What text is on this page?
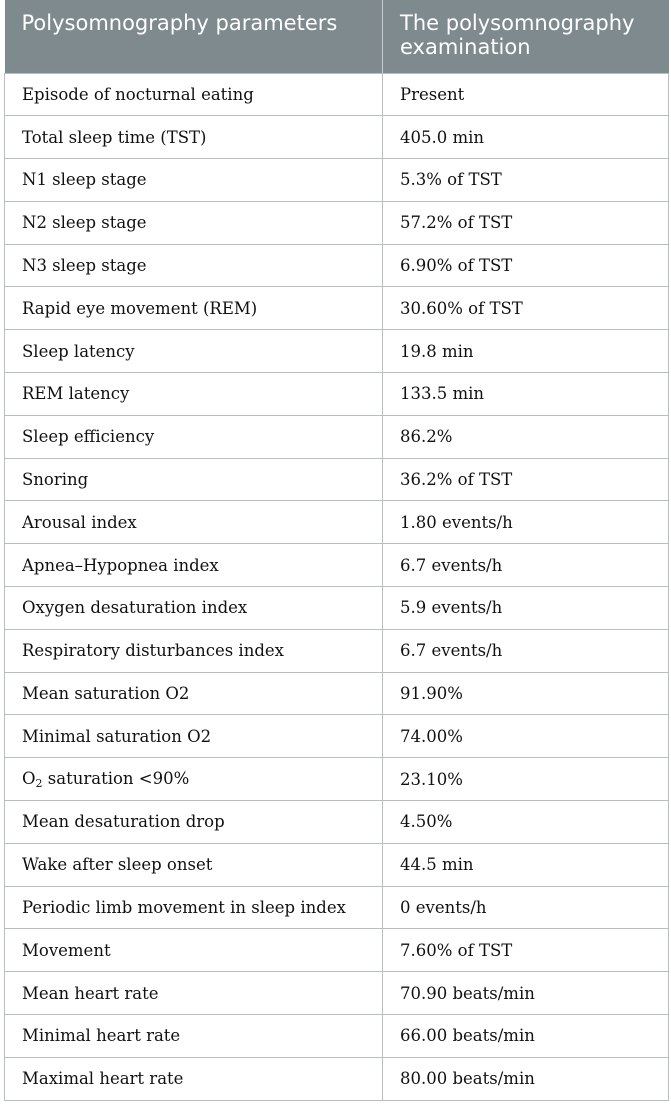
Polysomnography parameters	The polysomnography examination
Episode of nocturnal eating	Present
Total sleep time (TST)	405.0 min
N1 sleep stage	5.3% of TST
N2 sleep stage	57.2% of TST
N3 sleep stage	6.90% of TST
Rapid eye movement (REM)	30.60% of TST
Sleep latency	19.8 min
REM latency	133.5 min
Sleep efficiency	86.2%
Snoring	36.2% of TST
Arousal index	1.80 events/h
Apnea–Hypopnea index	6.7 events/h
Oxygen desaturation index	5.9 events/h
Respiratory disturbances index	6.7 events/h
Mean saturation O2	91.90%
Minimal saturation O2	74.00%
$O_2$ saturation <90%	23.10%
Mean desaturation drop	4.50%
Wake after sleep onset	44.5 min
Periodic limb movement in sleep index	0 events/h
Movement	7.60% of TST
Mean heart rate	70.90 beats/min
Minimal heart rate	66.00 beats/min
Maximal heart rate	80.00 beats/min
